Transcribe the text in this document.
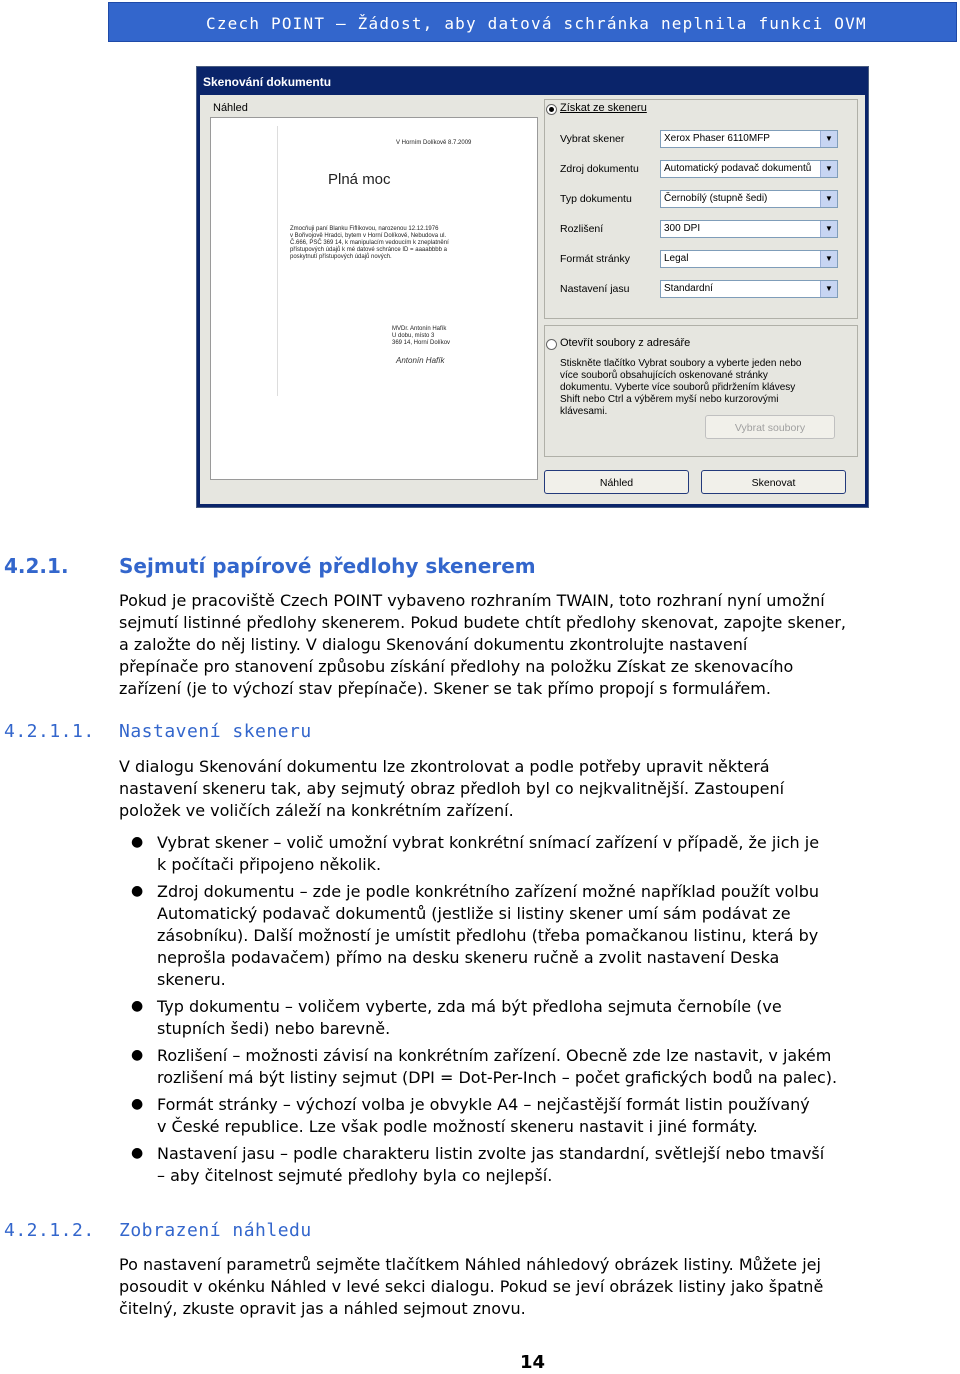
Czech POINT – Žádost, aby datová schránka neplnila funkci OVM
Skenování dokumentu
Náhled
V Horním Dolíkově 8.7.2009
Plná moc
Zmocňuji paní Blanku Fiflíkovou, narozenou 12.12.1976
v Bořivojově Hradci, bytem v Horní Dolíkově, Nebudova ul.
Č.666, PSČ 369 14, k manipulacím vedoucím k zneplatnění
přístupových údajů k mé datové schránce ID = aaaabbbb a
poskytnutí přístupových údajů nových.
MVDr. Antonín Hafík
U dobu, místo 3
369 14, Horní Dolíkov
Antonín Hafík
Získat ze skeneru
Vybrat skener	Xerox Phaser 6110MFP	▼
Zdroj dokumentu	Automatický podavač dokumentů	▼
Typ dokumentu	Černobílý (stupně šedi)	▼
Rozlišení	300 DPI	▼
Formát stránky	Legal	▼
Nastavení jasu	Standardní	▼
Otevřít soubory z adresáře
Stiskněte tlačítko Vybrat soubory a vyberte jeden nebo více souborů obsahujících oskenované stránky dokumentu. Vyberte více souborů přidržením klávesy Shift nebo Ctrl a výběrem myší nebo kurzorovými klávesami.
Vybrat soubory
Náhled	Skenovat
4.2.1.	Sejmutí papírové předlohy skenerem
Pokud je pracoviště Czech POINT vybaveno rozhraním TWAIN, toto rozhraní nyní umožní
sejmutí listinné předlohy skenerem. Pokud budete chtít předlohy skenovat, zapojte skener,
a založte do něj listiny. V dialogu Skenování dokumentu zkontrolujte nastavení
přepínače pro stanovení způsobu získání předlohy na položku Získat ze skenovacího
zařízení (je to výchozí stav přepínače). Skener se tak přímo propojí s formulářem.
4.2.1.1. Nastavení skeneru
V dialogu Skenování dokumentu lze zkontrolovat a podle potřeby upravit některá
nastavení skeneru tak, aby sejmutý obraz předloh byl co nejkvalitnější. Zastoupení
položek ve voličích záleží na konkrétním zařízení.
● Vybrat skener – volič umožní vybrat konkrétní snímací zařízení v případě, že jich je
k počítači připojeno několik.
● Zdroj dokumentu – zde je podle konkrétního zařízení možné například použít volbu
Automatický podavač dokumentů (jestliže si listiny skener umí sám podávat ze
zásobníku). Další možností je umístit předlohu (třeba pomačkanou listinu, která by
neprošla podavačem) přímo na desku skeneru ručně a zvolit nastavení Deska
skeneru.
● Typ dokumentu – voličem vyberte, zda má být předloha sejmuta černobíle (ve
stupních šedi) nebo barevně.
● Rozlišení – možnosti závisí na konkrétním zařízení. Obecně zde lze nastavit, v jakém
rozlišení má být listiny sejmut (DPI = Dot-Per-Inch – počet grafických bodů na palec).
● Formát stránky – výchozí volba je obvykle A4 – nejčastější formát listin používaný
v České republice. Lze však podle možností skeneru nastavit i jiné formáty.
● Nastavení jasu – podle charakteru listin zvolte jas standardní, světlejší nebo tmavší
– aby čitelnost sejmuté předlohy byla co nejlepší.
4.2.1.2. Zobrazení náhledu
Po nastavení parametrů sejměte tlačítkem Náhled náhledový obrázek listiny. Můžete jej
posoudit v okénku Náhled v levé sekci dialogu. Pokud se jeví obrázek listiny jako špatně
čitelný, zkuste opravit jas a náhled sejmout znovu.
14
